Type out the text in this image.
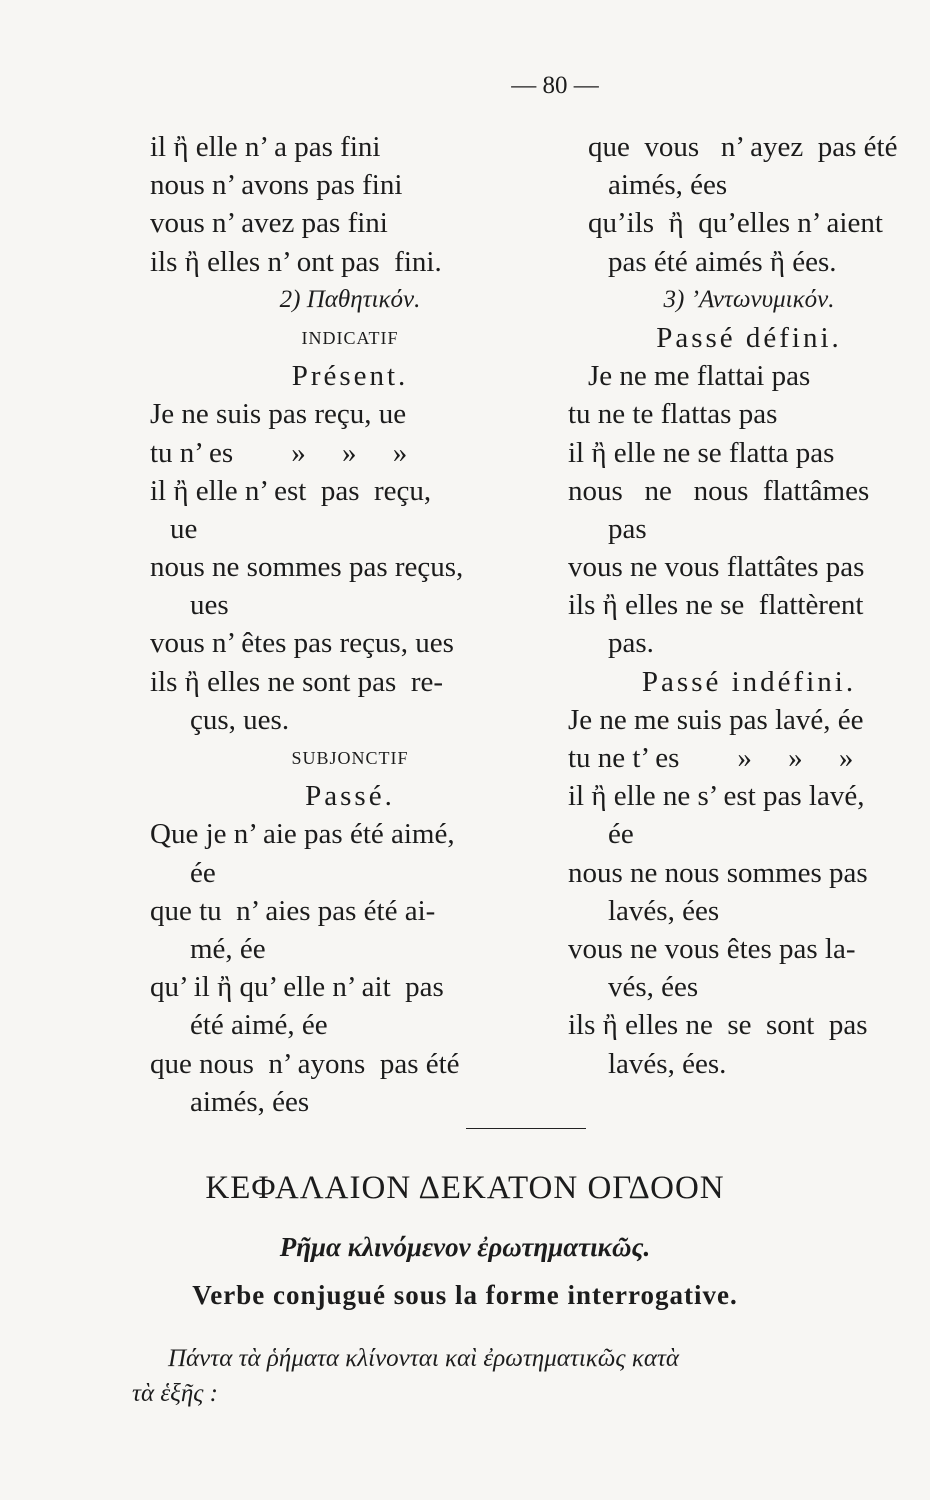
— 80 —
il ἢ elle n’ a pas fini
nous n’ avons pas fini
vous n’ avez pas fini
ils ἢ elles n’ ont pas  fini.
2) Παθητικόν.
INDICATIF
Présent.
Je ne suis pas reçu, ue
tu n’ es        »     »     »
il ἢ elle n’ est  pas  reçu,
ue
nous ne sommes pas reçus,
ues
vous n’ êtes pas reçus, ues
ils ἢ elles ne sont pas  re-
çus, ues.
SUBJONCTIF
Passé.
Que je n’ aie pas été aimé,
ée
que tu  n’ aies pas été ai-
mé, ée
qu’ il ἢ qu’ elle n’ ait  pas
été aimé, ée
que nous  n’ ayons  pas été
aimés, ées
que  vous   n’ ayez  pas été
aimés, ées
qu’ils  ἢ  qu’elles n’ aient
pas été aimés ἢ ées.
3) ’Αντωνυμικόν.
Passé défini.
Je ne me flattai pas
tu ne te flattas pas
il ἢ elle ne se flatta pas
nous   ne   nous  flattâmes
pas
vous ne vous flattâtes pas
ils ἢ elles ne se  flattèrent
pas.
Passé indéfini.
Je ne me suis pas lavé, ée
tu ne t’ es        »     »     »
il ἢ elle ne s’ est pas lavé,
ée
nous ne nous sommes pas
lavés, ées
vous ne vous êtes pas la-
vés, ées
ils ἢ elles ne  se  sont  pas
lavés, ées.
ΚΕΦΑΛΑΙΟΝ ΔΕΚΑΤΟΝ ΟΓΔΟΟΝ
Ρῆμα κλινόμενον ἐρωτηματικῶς.
Verbe conjugué sous la forme interrogative.
Πάντα τὰ ῥήματα κλίνονται καὶ ἐρωτηματικῶς κατὰ
τὰ ἑξῆς :
